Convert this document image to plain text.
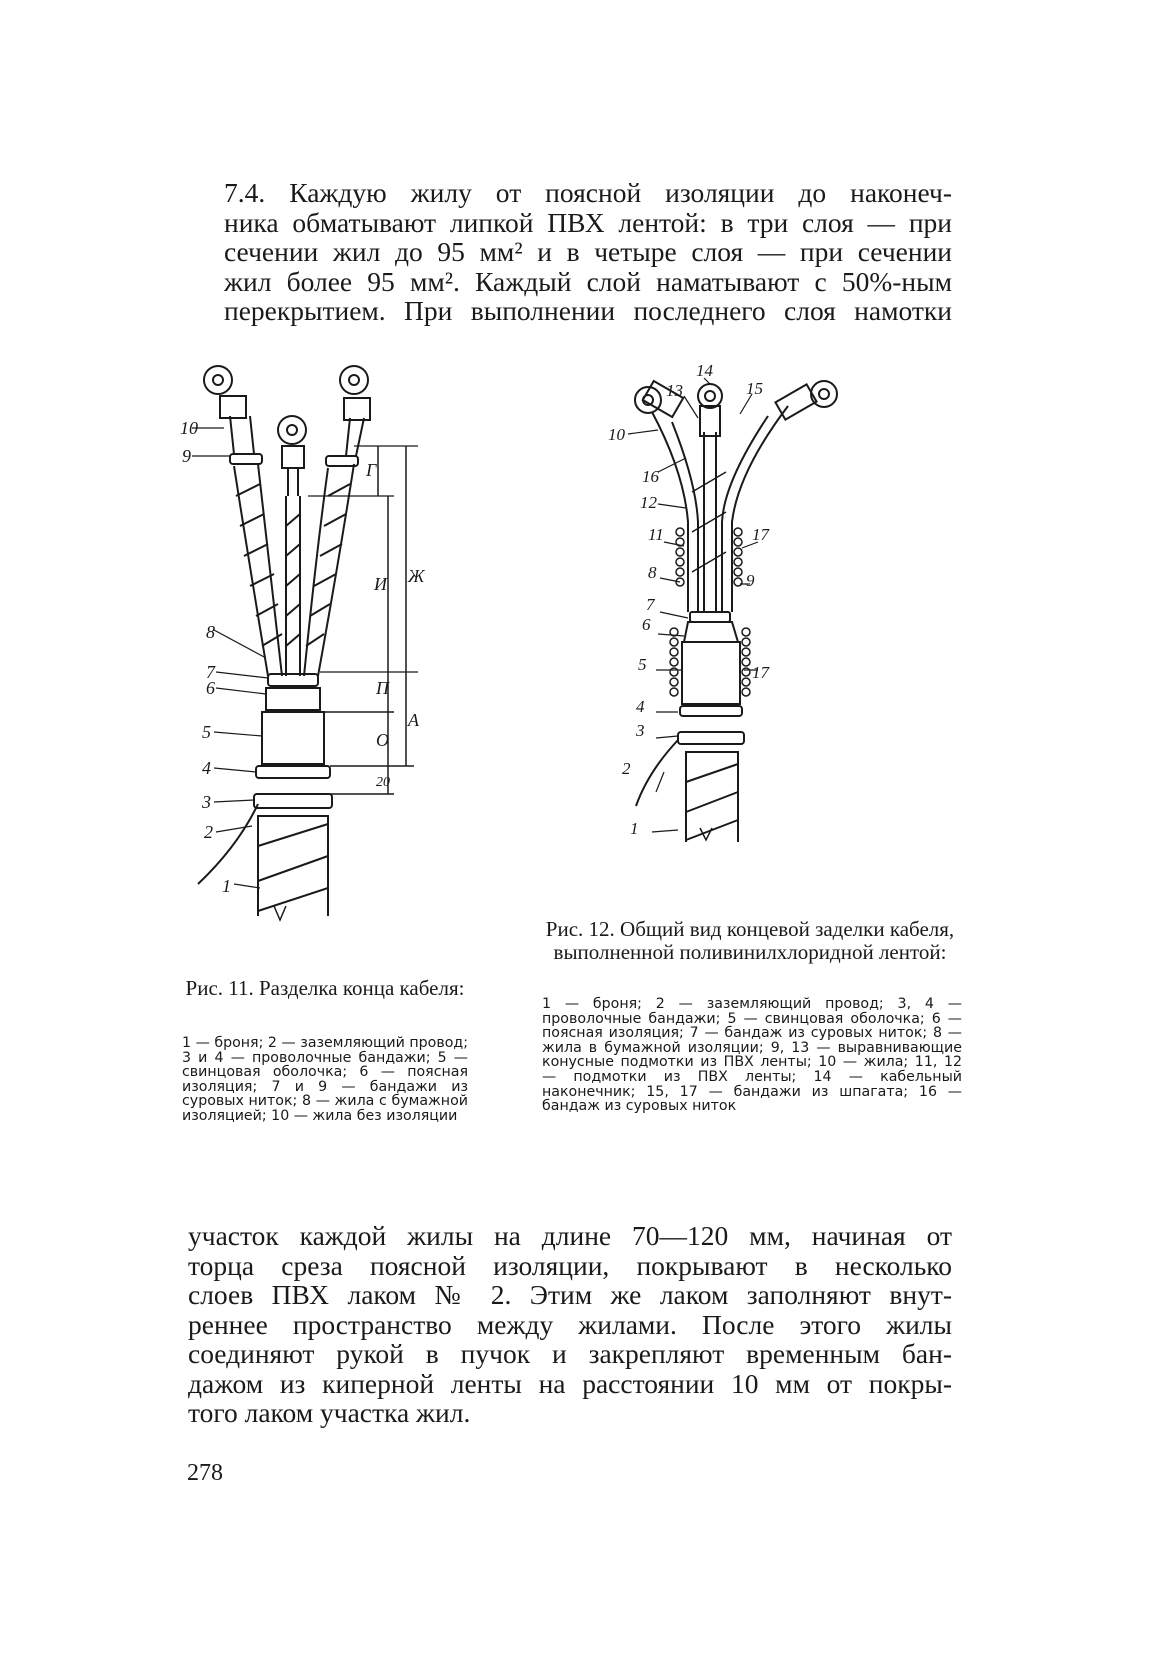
7.4. Каждую жилу от поясной изоляции до наконеч-
ника обматывают липкой ПВХ лентой: в три слоя — при
сечении жил до 95 мм² и в четыре слоя — при сечении
жил более 95 мм². Каждый слой наматывают с 50%-ным
перекрытием. При выполнении последнего слоя намотки

10
9
8
7
6
5
4
3
2
1
Г
И Ж
П
О
А
20

Рис. 11. Разделка конца кабеля:

1 — броня; 2 — заземляющий провод; 3 и 4 — проволочные бандажи; 5 — свинцовая оболочка; 6 — поясная изоляция; 7 и 9 — бандажи из суровых ниток; 8 — жила с бумажной изоляцией; 10 — жила без изоляции

14
13	15
10
16
12
11	17
8	9
7
6
5	17
4
3
2
1

Рис. 12. Общий вид концевой заделки кабеля, выполненной поливинилхлоридной лентой:

1 — броня; 2 — заземляющий провод; 3, 4 — проволочные бандажи; 5 — свинцовая оболочка; 6 — поясная изоляция; 7 — бандаж из суровых ниток; 8 — жила в бумажной изоляции; 9, 13 — выравнивающие конусные подмотки из ПВХ ленты; 10 — жила; 11, 12 — подмотки из ПВХ ленты; 14 — кабельный наконечник; 15, 17 — бандажи из шпагата; 16 — бандаж из суровых ниток

участок каждой жилы на длине 70—120 мм, начиная от
торца среза поясной изоляции, покрывают в несколько
слоев ПВХ лаком № 2. Этим же лаком заполняют внут-
реннее пространство между жилами. После этого жилы
соединяют рукой в пучок и закрепляют временным бан-
дажом из киперной ленты на расстоянии 10 мм от покры-
того лаком участка жил.

278
